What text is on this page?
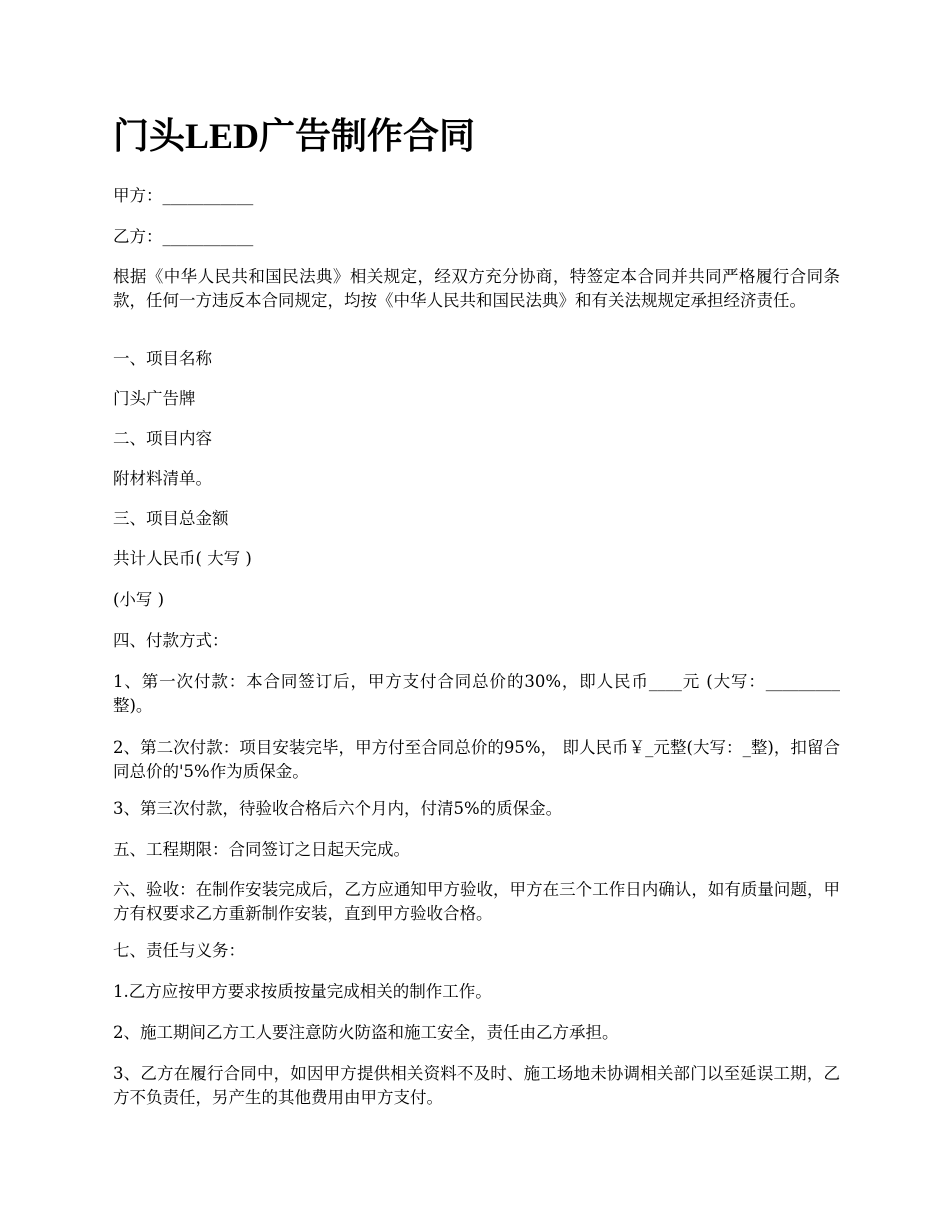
门头LED广告制作合同

甲方：___________

乙方：___________

根据《中华人民共和国民法典》相关规定，经双方充分协商，特签定本合同并共同严格履行合同条款，任何一方违反本合同规定，均按《中华人民共和国民法典》和有关法规规定承担经济责任。

一、项目名称

门头广告牌

二、项目内容

附材料清单。

三、项目总金额

共计人民币( 大写 )

(小写 )

四、付款方式：

1、第一次付款：本合同签订后，甲方支付合同总价的30%，即人民币____元 (大写：_________ 整)。

2、第二次付款：项目安装完毕，甲方付至合同总价的95%， 即人民币￥_元整(大写：_整)，扣留合同总价的'5%作为质保金。

3、第三次付款，待验收合格后六个月内，付清5%的质保金。

五、工程期限：合同签订之日起天完成。

六、验收：在制作安装完成后，乙方应通知甲方验收，甲方在三个工作日内确认，如有质量问题，甲方有权要求乙方重新制作安装，直到甲方验收合格。

七、责任与义务：

1.乙方应按甲方要求按质按量完成相关的制作工作。

2、施工期间乙方工人要注意防火防盗和施工安全，责任由乙方承担。

3、乙方在履行合同中，如因甲方提供相关资料不及时、施工场地未协调相关部门以至延误工期，乙方不负责任，另产生的其他费用由甲方支付。
